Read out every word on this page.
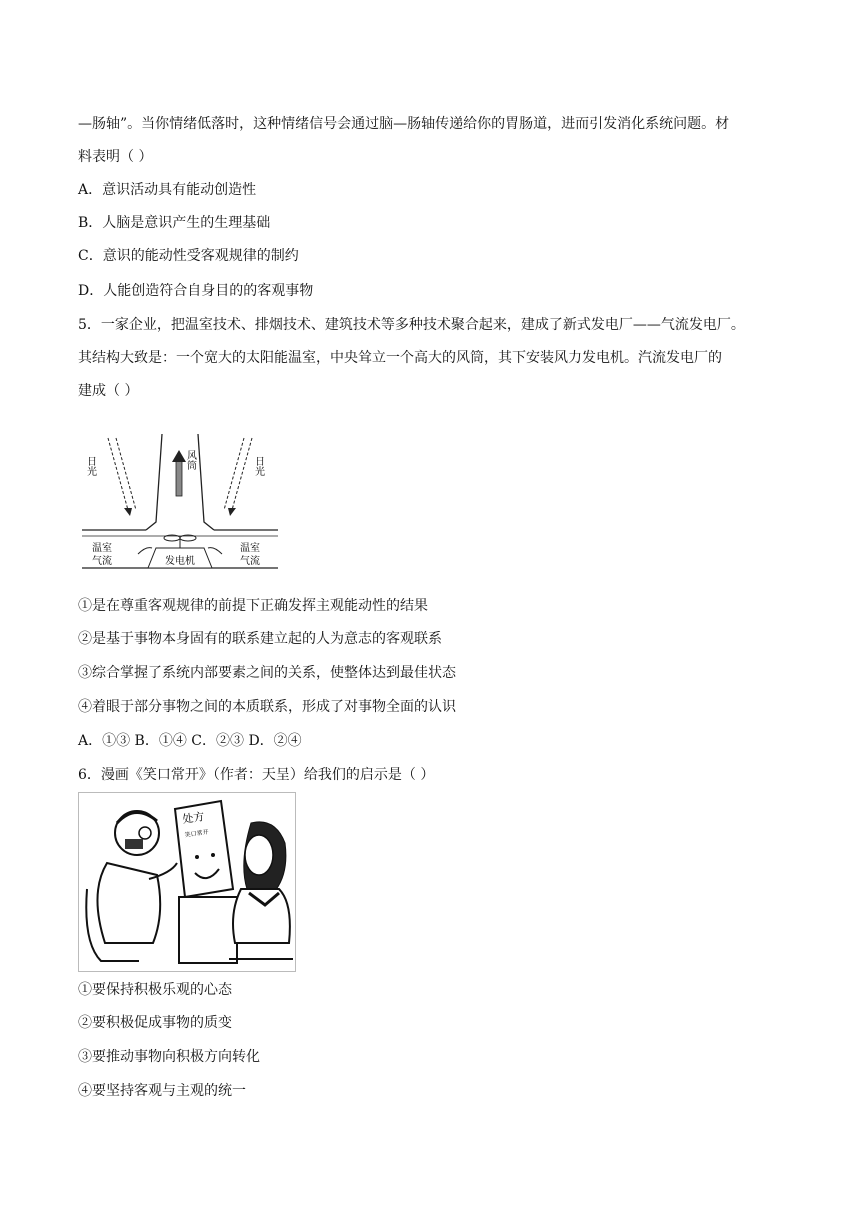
—肠轴”。当你情绪低落时，这种情绪信号会通过脑—肠轴传递给你的胃肠道，进而引发消化系统问题。材
料表明（ ）
A．意识活动具有能动创造性
B．人脑是意识产生的生理基础
C．意识的能动性受客观规律的制约
D．人能创造符合自身目的的客观事物
5．一家企业，把温室技术、排烟技术、建筑技术等多种技术聚合起来，建成了新式发电厂——气流发电厂。
其结构大致是：一个宽大的太阳能温室，中央耸立一个高大的风筒，其下安装风力发电机。汽流发电厂的
建成（ ）
日光	日光
风筒
温室
气流
温室
气流
发电机
①是在尊重客观规律的前提下正确发挥主观能动性的结果
②是基于事物本身固有的联系建立起的人为意志的客观联系
③综合掌握了系统内部要素之间的关系，使整体达到最佳状态
④着眼于部分事物之间的本质联系，形成了对事物全面的认识
A．①③ B．①④ C．②③ D．②④
6．漫画《笑口常开》（作者：天呈）给我们的启示是（ ）
处方
笑口常开
①要保持积极乐观的心态
②要积极促成事物的质变
③要推动事物向积极方向转化
④要坚持客观与主观的统一
